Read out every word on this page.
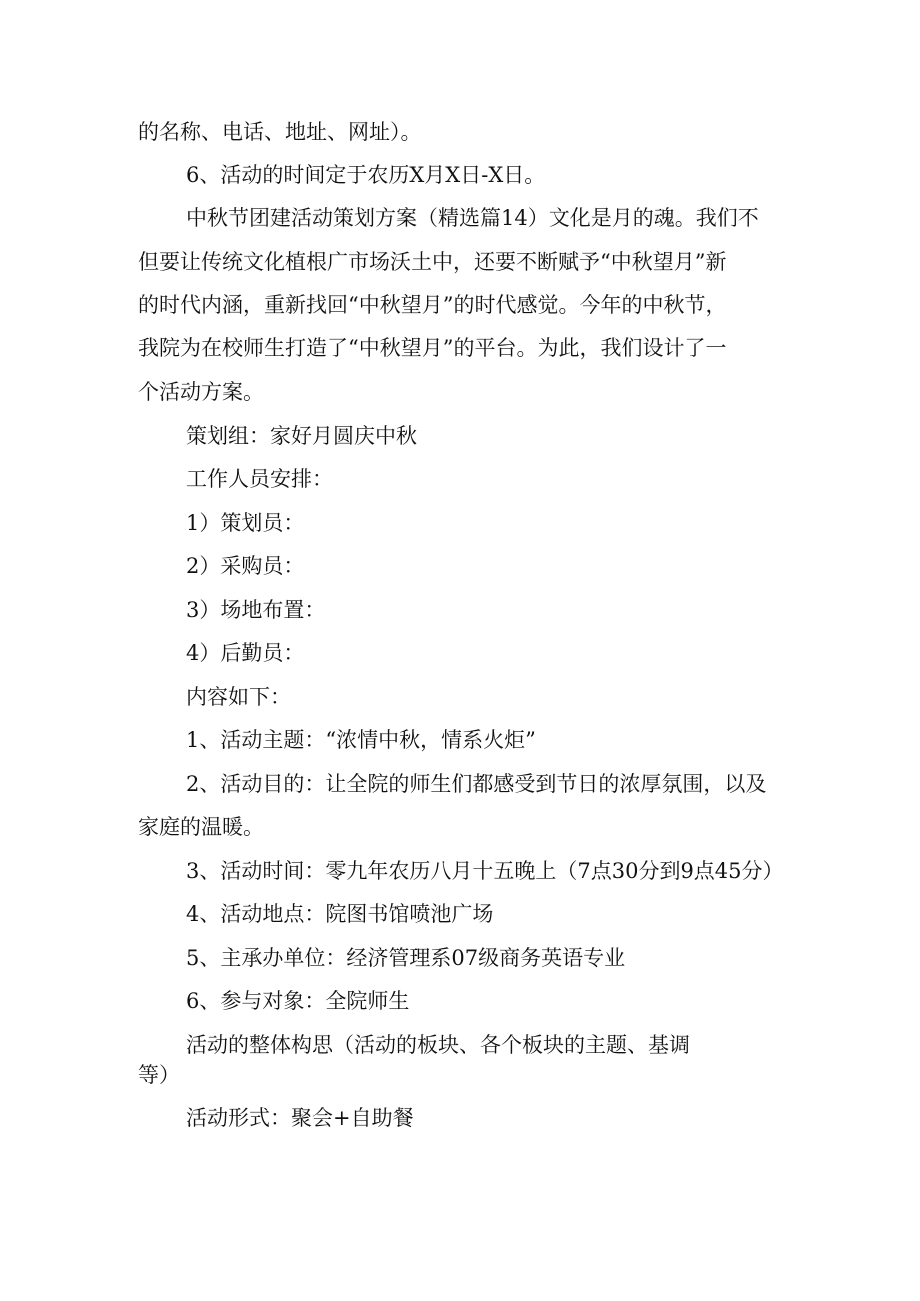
的名称、电话、地址、网址）。
6、活动的时间定于农历X月X日-X日。
中秋节团建活动策划方案（精选篇14）文化是月的魂。我们不
但要让传统文化植根广市场沃土中，还要不断赋予“中秋望月”新
的时代内涵，重新找回“中秋望月”的时代感觉。今年的中秋节，
我院为在校师生打造了“中秋望月”的平台。为此，我们设计了一
个活动方案。
策划组：家好月圆庆中秋
工作人员安排：
1）策划员：
2）采购员：
3）场地布置：
4）后勤员：
内容如下：
1、活动主题：“浓情中秋，情系火炬”
2、活动目的：让全院的师生们都感受到节日的浓厚氛围，以及
家庭的温暖。
3、活动时间：零九年农历八月十五晚上（7点30分到9点45分）
4、活动地点：院图书馆喷池广场
5、主承办单位：经济管理系07级商务英语专业
6、参与对象：全院师生
活动的整体构思（活动的板块、各个板块的主题、基调
等）
活动形式：聚会+自助餐
